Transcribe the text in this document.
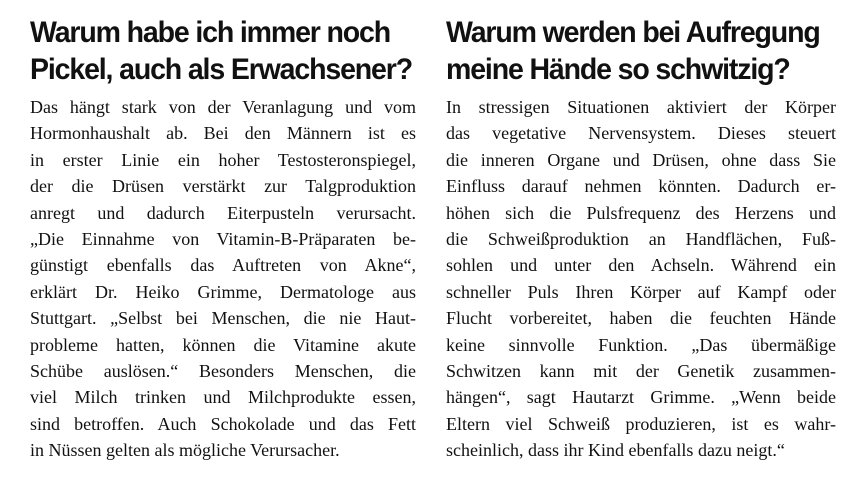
Warum habe ich immer noch
Pickel, auch als Erwachsener?

Das hängt stark von der Veranlagung und vom
Hormonhaushalt ab. Bei den Männern ist es
in erster Linie ein hoher Testosteronspiegel,
der die Drüsen verstärkt zur Talgproduktion
anregt und dadurch Eiterpusteln verursacht.
„Die Einnahme von Vitamin-B-Präparaten be-
günstigt ebenfalls das Auftreten von Akne“,
erklärt Dr. Heiko Grimme, Dermatologe aus
Stuttgart. „Selbst bei Menschen, die nie Haut-
probleme hatten, können die Vitamine akute
Schübe auslösen.“ Besonders Menschen, die
viel Milch trinken und Milchprodukte essen,
sind betroffen. Auch Schokolade und das Fett
in Nüssen gelten als mögliche Verursacher.

Warum werden bei Aufregung
meine Hände so schwitzig?

In stressigen Situationen aktiviert der Körper
das vegetative Nervensystem. Dieses steuert
die inneren Organe und Drüsen, ohne dass Sie
Einfluss darauf nehmen könnten. Dadurch er-
höhen sich die Pulsfrequenz des Herzens und
die Schweißproduktion an Handflächen, Fuß-
sohlen und unter den Achseln. Während ein
schneller Puls Ihren Körper auf Kampf oder
Flucht vorbereitet, haben die feuchten Hände
keine sinnvolle Funktion. „Das übermäßige
Schwitzen kann mit der Genetik zusammen-
hängen“, sagt Hautarzt Grimme. „Wenn beide
Eltern viel Schweiß produzieren, ist es wahr-
scheinlich, dass ihr Kind ebenfalls dazu neigt.“
